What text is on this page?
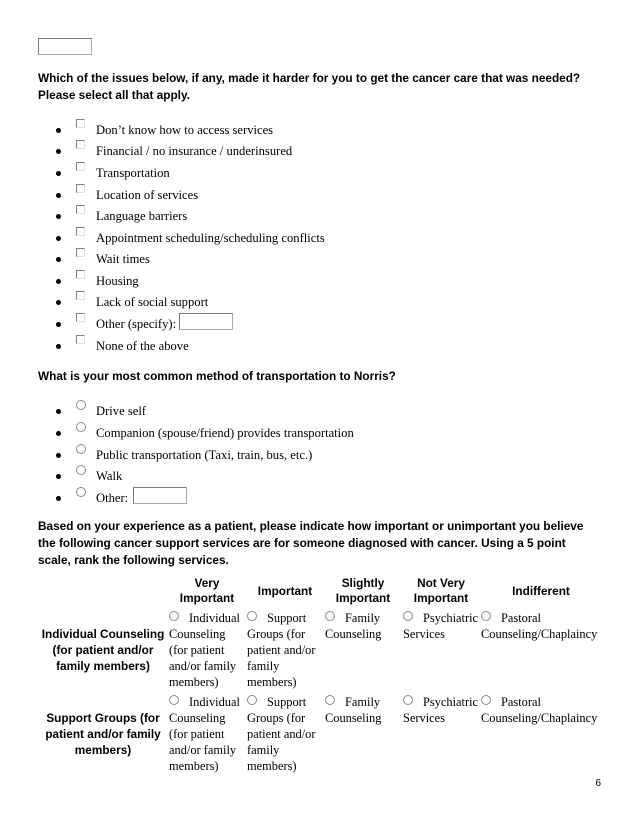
Which of the issues below, if any, made it harder for you to get the cancer care that was needed? Please select all that apply.
Don’t know how to access services
Financial / no insurance / underinsured
Transportation
Location of services
Language barriers
Appointment scheduling/scheduling conflicts
Wait times
Housing
Lack of social support
Other (specify):
None of the above
What is your most common method of transportation to Norris?
Drive self
Companion (spouse/friend) provides transportation
Public transportation (Taxi, train, bus, etc.)
Walk
Other:
Based on your experience as a patient, please indicate how important or unimportant you believe the following cancer support services are for someone diagnosed with cancer. Using a 5 point scale, rank the following services.
	Very Important	Important	Slightly Important	Not Very Important	Indifferent
Individual Counseling (for patient and/or family members)	Individual Counseling (for patient and/or family members)	Support Groups (for patient and/or family members)	Family Counseling	Psychiatric Services	Pastoral Counseling/Chaplaincy
Support Groups (for patient and/or family members)	Individual Counseling (for patient and/or family members)	Support Groups (for patient and/or family members)	Family Counseling	Psychiatric Services	Pastoral Counseling/Chaplaincy
6
